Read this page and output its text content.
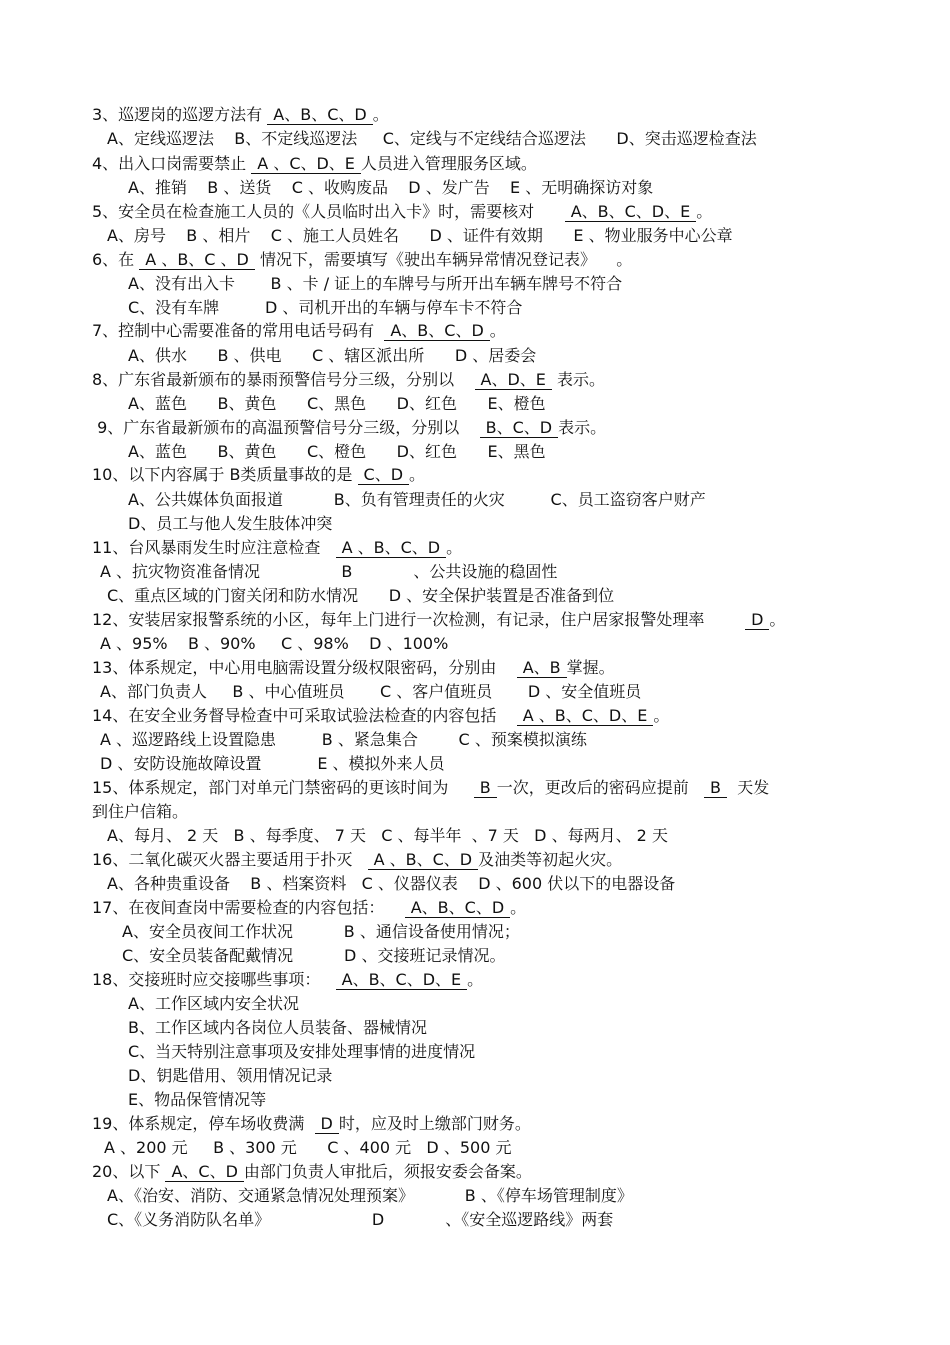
3、巡逻岗的巡逻方法有 A、B、C、D 。
A、定线巡逻法    B、不定线巡逻法     C、定线与不定线结合巡逻法      D、突击巡逻检查法
4、出入口岗需要禁止 A 、C、D、E 人员进入管理服务区域。
A、推销    B 、送货    C 、收购废品    D 、发广告    E 、无明确探访对象
5、安全员在检查施工人员的《人员临时出入卡》时，需要核对      A、B、C、D、E 。
A、房号    B 、相片    C 、施工人员姓名      D 、证件有效期      E 、物业服务中心公章
6、在 A 、B、C 、D 情况下，需要填写《驶出车辆异常情况登记表》    。
A、没有出入卡       B 、卡 / 证上的车牌号与所开出车辆车牌号不符合
C、没有车牌         D 、司机开出的车辆与停车卡不符合
7、控制中心需要准备的常用电话号码有  A、B、C、D 。
A、供水      B 、供电      C 、辖区派出所      D 、居委会
8、广东省最新颁布的暴雨预警信号分三级，分别以    A、D、E 表示。
A、蓝色      B、黄色      C、黑色      D、红色      E、橙色
9、广东省最新颁布的高温预警信号分三级，分别以    B、C、D 表示。
A、蓝色      B、黄色      C、橙色      D、红色      E、黑色
10、以下内容属于 B类质量事故的是 C、D 。
A、公共媒体负面报道          B、负有管理责任的火灾         C、员工盗窃客户财产
D、员工与他人发生肢体冲突
11、台风暴雨发生时应注意检查   A 、B、C、D 。
A 、抗灾物资准备情况                B            、公共设施的稳固性
C、重点区域的门窗关闭和防水情况      D 、安全保护装置是否准备到位
12、安装居家报警系统的小区，每年上门进行一次检测，有记录，住户居家报警处理率        D 。
A 、95%    B 、90%     C 、98%    D 、100%
13、体系规定，中心用电脑需设置分级权限密码，分别由    A、B 掌握。
A、部门负责人     B 、中心值班员       C 、客户值班员       D 、安全值班员
14、在安全业务督导检查中可采取试验法检查的内容包括    A 、B、C、D、E 。
A 、巡逻路线上设置隐患         B 、紧急集合        C 、预案模拟演练
D 、安防设施故障设置           E 、模拟外来人员
15、体系规定，部门对单元门禁密码的更该时间为     B 一次，更改后的密码应提前   B  天发
到住户信箱。
A、每月、 2 天   B 、每季度、 7 天   C 、每半年  、7 天   D 、每两月、 2 天
16、二氧化碳灭火器主要适用于扑灭   A 、B、C、D 及油类等初起火灾。
A、各种贵重设备    B 、档案资料   C 、仪器仪表    D 、600 伏以下的电器设备
17、在夜间查岗中需要检查的内容包括：    A、B、C、D 。
A、安全员夜间工作状况          B 、通信设备使用情况；
C、安全员装备配戴情况          D 、交接班记录情况。
18、交接班时应交接哪些事项：   A、B、C、D、E 。
A、工作区域内安全状况
B、工作区域内各岗位人员装备、器械情况
C、当天特别注意事项及安排处理事情的进度情况
D、钥匙借用、领用情况记录
E、物品保管情况等
19、体系规定，停车场收费满  D 时，应及时上缴部门财务。
A 、200 元     B 、300 元      C 、400 元   D 、500 元
20、以下 A、C、D 由部门负责人审批后，须报安委会备案。
A、《治安、消防、交通紧急情况处理预案》          B 、《停车场管理制度》
C、《义务消防队名单》                    D            、《安全巡逻路线》两套
